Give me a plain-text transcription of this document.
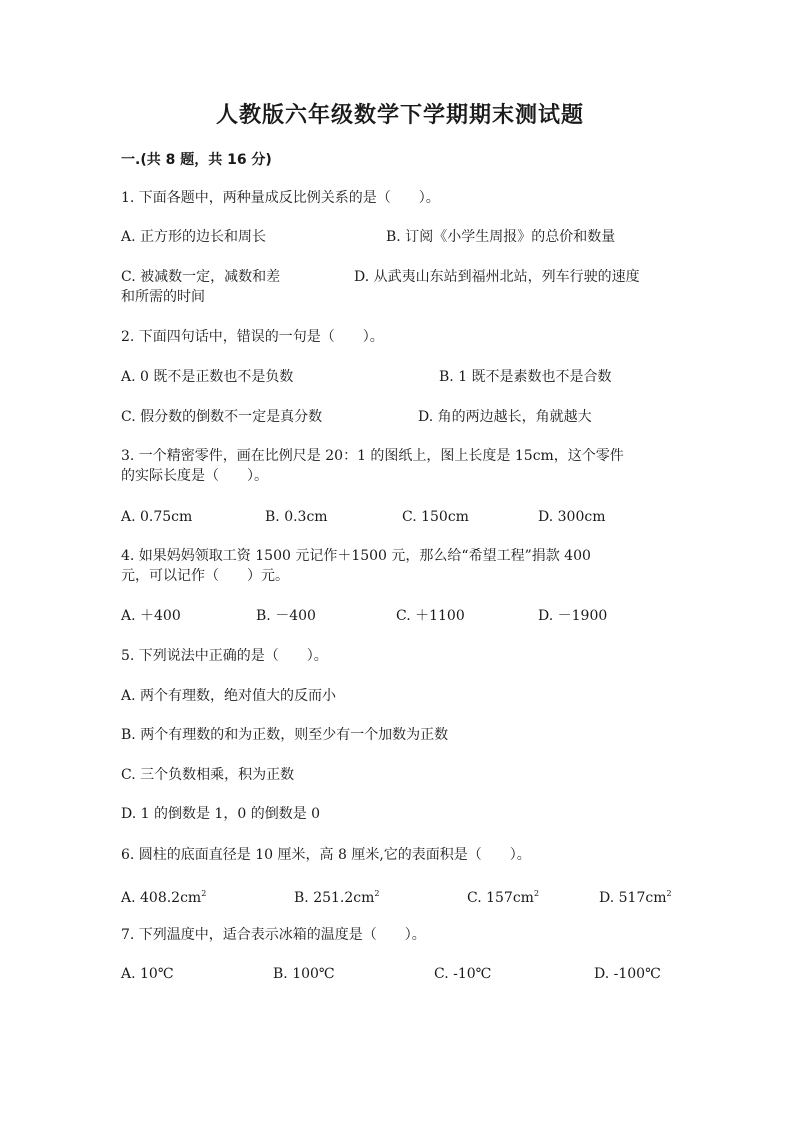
人教版六年级数学下学期期末测试题
一.(共 8 题，共 16 分)
1. 下面各题中，两种量成反比例关系的是（　　）。
A. 正方形的边长和周长	B. 订阅《小学生周报》的总价和数量
C. 被减数一定，减数和差	D. 从武夷山东站到福州北站，列车行驶的速度
和所需的时间
2. 下面四句话中，错误的一句是（　　）。
A. 0 既不是正数也不是负数	B. 1 既不是素数也不是合数
C. 假分数的倒数不一定是真分数	D. 角的两边越长，角就越大
3. 一个精密零件，画在比例尺是 20：1 的图纸上，图上长度是 15cm，这个零件
的实际长度是（　　）。
A. 0.75cm	B. 0.3cm	C. 150cm	D. 300cm
4. 如果妈妈领取工资 1500 元记作＋1500 元，那么给“希望工程”捐款 400
元，可以记作（　　）元。
A. ＋400	B. －400	C. ＋1100	D. －1900
5. 下列说法中正确的是（　　）。
A. 两个有理数，绝对值大的反而小
B. 两个有理数的和为正数，则至少有一个加数为正数
C. 三个负数相乘，积为正数
D. 1 的倒数是 1，0 的倒数是 0
6. 圆柱的底面直径是 10 厘米，高 8 厘米,它的表面积是（　　）。
A. $408.2cm^2$	B. $251.2cm^2$	C. $157cm^2$	D. $517cm^2$
7. 下列温度中，适合表示冰箱的温度是（　　）。
A. 10℃	B. 100℃	C. -10℃	D. -100℃
